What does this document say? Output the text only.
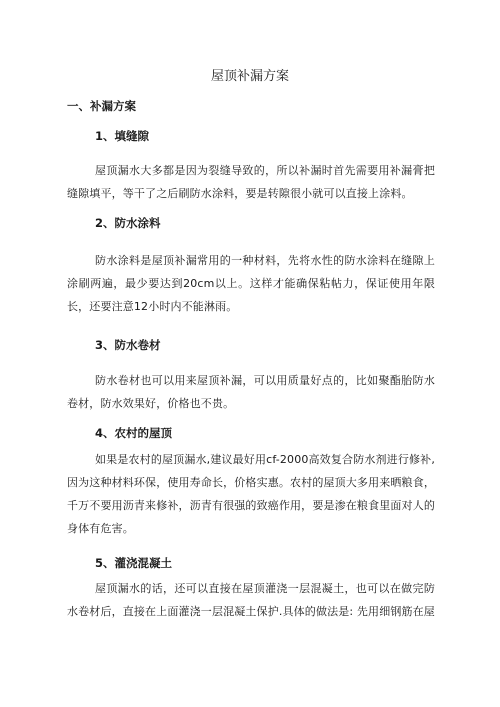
屋顶补漏方案
一、补漏方案
1、填缝隙
屋顶漏水大多都是因为裂缝导致的，所以补漏时首先需要用补漏膏把缝隙填平，等干了之后刷防水涂料，要是转隙很小就可以直接上涂料。
2、防水涂料
防水涂料是屋顶补漏常用的一种材料，先将水性的防水涂料在缝隙上涂刷两遍，最少要达到20cm以上。这样才能确保粘帖力，保证使用年限长，还要注意12小时内不能淋雨。
3、防水卷材
防水卷材也可以用来屋顶补漏，可以用质量好点的，比如聚酯胎防水卷材，防水效果好，价格也不贵。
4、农村的屋顶
如果是农村的屋顶漏水,建议最好用cf-2000高效复合防水剂进行修补,因为这种材料环保，使用寿命长，价格实惠。农村的屋顶大多用来晒粮食，千万不要用沥青来修补，沥青有很强的致癌作用，要是渗在粮食里面对人的身体有危害。
5、灌浇混凝土
屋顶漏水的话，还可以直接在屋顶灌浇一层混凝土，也可以在做完防水卷材后，直接在上面灌浇一层混凝土保护.具体的做法是: 先用细钢筋在屋
